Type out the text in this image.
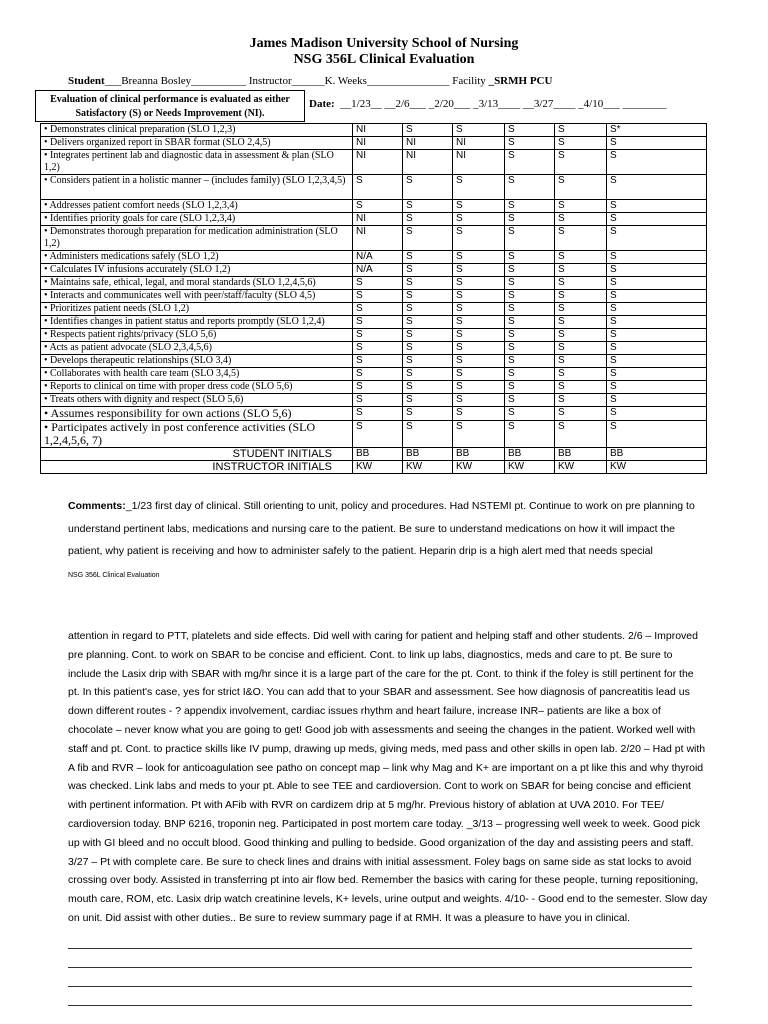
James Madison University School of Nursing
NSG 356L Clinical Evaluation
Student___Breanna Bosley__________ Instructor______K. Weeks_______________ Facility _SRMH PCU
Evaluation of clinical performance is evaluated as either
Satisfactory (S) or Needs Improvement (NI).
Date: __1/23__ __2/6___ _2/20___ _3/13____ __3/27____ _4/10___ ________
• Demonstrates clinical preparation (SLO 1,2,3)	NI	S	S	S	S	S*	
• Delivers organized report in SBAR format (SLO 2,4,5)	NI	NI	NI	S	S	S	
• Integrates pertinent lab and diagnostic data in assessment & plan (SLO 1,2)	NI	NI	NI	S	S	S	
• Considers patient in a holistic manner – (includes family) (SLO 1,2,3,4,5)	S	S	S	S	S	S	
• Addresses patient comfort needs (SLO 1,2,3,4)	S	S	S	S	S	S	
• Identifies priority goals for care (SLO 1,2,3,4)	NI	S	S	S	S	S	
• Demonstrates thorough preparation for medication administration (SLO 1,2)	NI	S	S	S	S	S	
• Administers medications safely (SLO 1,2)	N/A	S	S	S	S	S	
• Calculates IV infusions accurately (SLO 1,2)	N/A	S	S	S	S	S	
• Maintains safe, ethical, legal, and moral standards (SLO 1,2,4,5,6)	S	S	S	S	S	S	
• Interacts and communicates well with peer/staff/faculty (SLO 4,5)	S	S	S	S	S	S	
• Prioritizes patient needs (SLO 1,2)	S	S	S	S	S	S	
• Identifies changes in patient status and reports promptly (SLO 1,2,4)	S	S	S	S	S	S	
• Respects patient rights/privacy (SLO 5,6)	S	S	S	S	S	S	
• Acts as patient advocate (SLO 2,3,4,5,6)	S	S	S	S	S	S	
• Develops therapeutic relationships (SLO 3,4)	S	S	S	S	S	S	
• Collaborates with health care team (SLO 3,4,5)	S	S	S	S	S	S	
• Reports to clinical on time with proper dress code (SLO 5,6)	S	S	S	S	S	S	
• Treats others with dignity and respect (SLO 5,6)	S	S	S	S	S	S	
• Assumes responsibility for own actions (SLO 5,6)	S	S	S	S	S	S	
• Participates actively in post conference activities (SLO 1,2,4,5,6, 7)	S	S	S	S	S	S	
STUDENT INITIALS	BB	BB	BB	BB	BB	BB	
INSTRUCTOR INITIALS	KW	KW	KW	KW	KW	KW	
Comments:_1/23 first day of clinical. Still orienting to unit, policy and procedures. Had NSTEMI pt. Continue to work on pre planning to understand pertinent labs, medications and nursing care to the patient. Be sure to understand medications on how it will impact the patient, why patient is receiving and how to administer safely to the patient. Heparin drip is a high alert med that needs special
NSG 356L Clinical Evaluation
attention in regard to PTT, platelets and side effects. Did well with caring for patient and helping staff and other students. 2/6 – Improved pre planning. Cont. to work on SBAR to be concise and efficient. Cont. to link up labs, diagnostics, meds and care to pt. Be sure to include the Lasix drip with SBAR with mg/hr since it is a large part of the care for the pt. Cont. to think if the foley is still pertinent for the pt. In this patient's case, yes for strict I&O. You can add that to your SBAR and assessment. See how diagnosis of pancreatitis lead us down different routes - ? appendix involvement, cardiac issues rhythm and heart failure, increase INR– patients are like a box of chocolate – never know what you are going to get! Good job with assessments and seeing the changes in the patient. Worked well with staff and pt. Cont. to practice skills like IV pump, drawing up meds, giving meds, med pass and other skills in open lab. 2/20 – Had pt with A fib and RVR – look for anticoagulation see patho on concept map – link why Mag and K+ are important on a pt like this and why thyroid was checked. Link labs and meds to your pt. Able to see TEE and cardioversion. Cont to work on SBAR for being concise and efficient with pertinent information. Pt with AFib with RVR on cardizem drip at 5 mg/hr. Previous history of ablation at UVA 2010. For TEE/ cardioversion today. BNP 6216, troponin neg. Participated in post mortem care today. _3/13 – progressing well week to week. Good pick up with GI bleed and no occult blood. Good thinking and pulling to bedside. Good organization of the day and assisting peers and staff. 3/27 – Pt with complete care. Be sure to check lines and drains with initial assessment. Foley bags on same side as stat locks to avoid crossing over body. Assisted in transferring pt into air flow bed. Remember the basics with caring for these people, turning repositioning, mouth care, ROM, etc. Lasix drip watch creatinine levels, K+ levels, urine output and weights. 4/10- - Good end to the semester. Slow day on unit. Did assist with other duties.. Be sure to review summary page if at RMH. It was a pleasure to have you in clinical.
